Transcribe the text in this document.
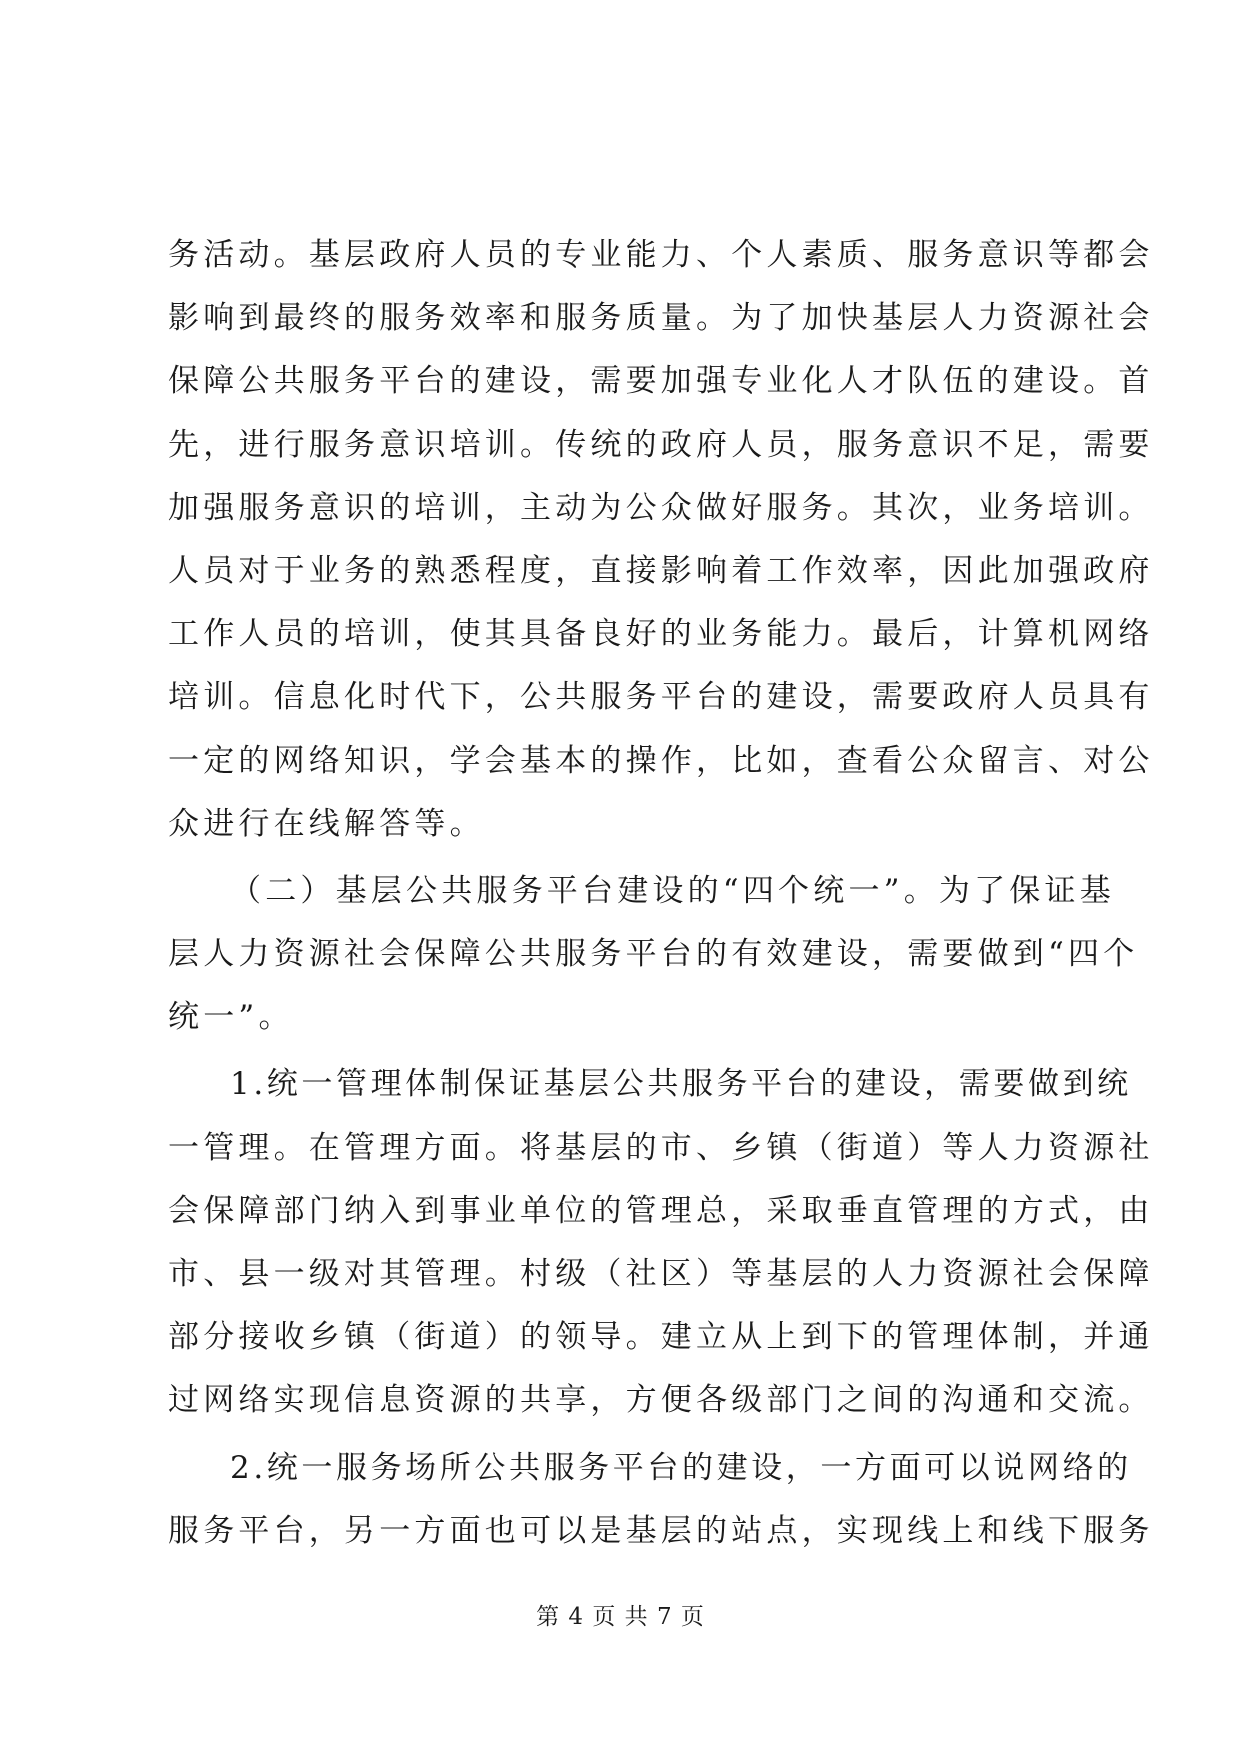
务活动。基层政府人员的专业能力、个人素质、服务意识等都会
影响到最终的服务效率和服务质量。为了加快基层人力资源社会
保障公共服务平台的建设，需要加强专业化人才队伍的建设。首
先，进行服务意识培训。传统的政府人员，服务意识不足，需要
加强服务意识的培训，主动为公众做好服务。其次，业务培训。
人员对于业务的熟悉程度，直接影响着工作效率，因此加强政府
工作人员的培训，使其具备良好的业务能力。最后，计算机网络
培训。信息化时代下，公共服务平台的建设，需要政府人员具有
一定的网络知识，学会基本的操作，比如，查看公众留言、对公
众进行在线解答等。
（二）基层公共服务平台建设的“四个统一”。为了保证基
层人力资源社会保障公共服务平台的有效建设，需要做到“四个
统一”。
1.统一管理体制保证基层公共服务平台的建设，需要做到统
一管理。在管理方面。将基层的市、乡镇（街道）等人力资源社
会保障部门纳入到事业单位的管理总，采取垂直管理的方式，由
市、县一级对其管理。村级（社区）等基层的人力资源社会保障
部分接收乡镇（街道）的领导。建立从上到下的管理体制，并通
过网络实现信息资源的共享，方便各级部门之间的沟通和交流。
2.统一服务场所公共服务平台的建设，一方面可以说网络的
服务平台，另一方面也可以是基层的站点，实现线上和线下服务
第 4 页 共 7 页
